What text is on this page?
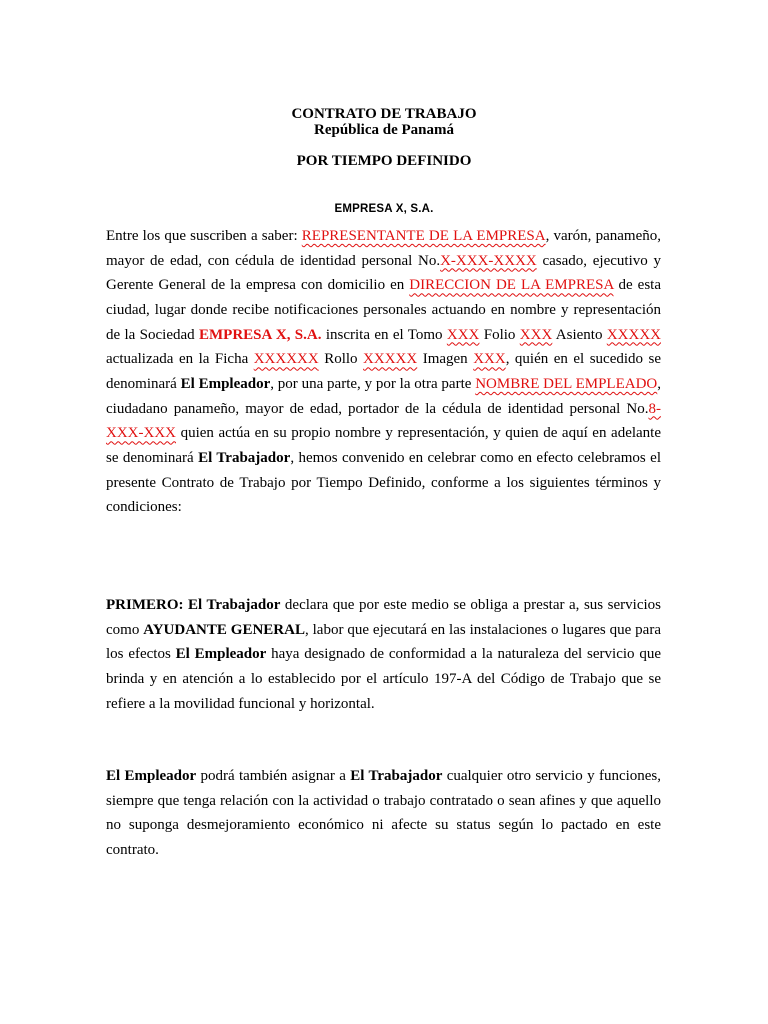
CONTRATO DE TRABAJO
República de Panamá
POR TIEMPO DEFINIDO
EMPRESA X, S.A.

Entre los que suscriben a saber: REPRESENTANTE DE LA EMPRESA, varón, panameño, mayor de edad, con cédula de identidad personal No.X-XXX-XXXX casado, ejecutivo y Gerente General de la empresa con domicilio en DIRECCION DE LA EMPRESA de esta ciudad, lugar donde recibe notificaciones personales actuando en nombre y representación de la Sociedad EMPRESA X, S.A. inscrita en el Tomo XXX Folio XXX Asiento XXXXX actualizada en la Ficha XXXXXX Rollo XXXXX Imagen XXX, quién en el sucedido se denominará El Empleador, por una parte, y por la otra parte NOMBRE DEL EMPLEADO, ciudadano panameño, mayor de edad, portador de la cédula de identidad personal No.8-XXX-XXX quien actúa en su propio nombre y representación, y quien de aquí en adelante se denominará El Trabajador, hemos convenido en celebrar como en efecto celebramos el presente Contrato de Trabajo por Tiempo Definido, conforme a los siguientes términos y condiciones:

PRIMERO: El Trabajador declara que por este medio se obliga a prestar a, sus servicios como AYUDANTE GENERAL, labor que ejecutará en las instalaciones o lugares que para los efectos El Empleador haya designado de conformidad a la naturaleza del servicio que brinda y en atención a lo establecido por el artículo 197-A del Código de Trabajo que se refiere a la movilidad funcional y horizontal.

El Empleador podrá también asignar a El Trabajador cualquier otro servicio y funciones, siempre que tenga relación con la actividad o trabajo contratado o sean afines y que aquello no suponga desmejoramiento económico ni afecte su status según lo pactado en este contrato.
